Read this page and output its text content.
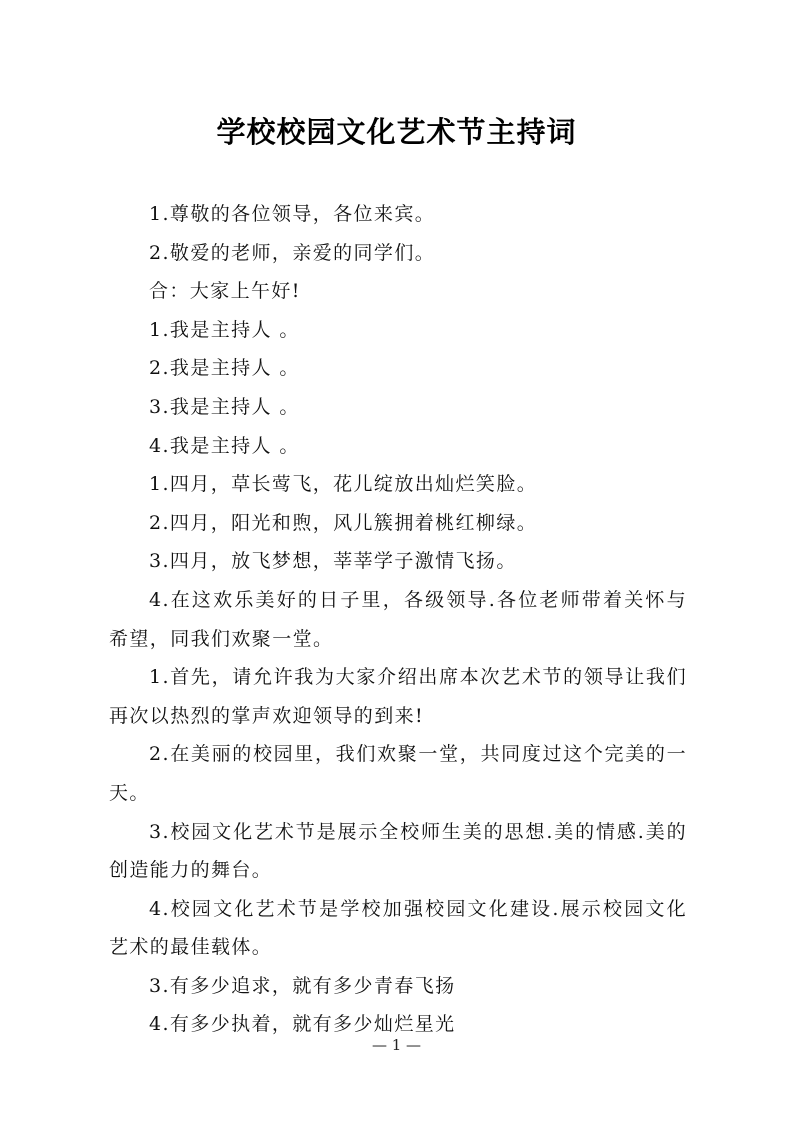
学校校园文化艺术节主持词

1.尊敬的各位领导，各位来宾。

2.敬爱的老师，亲爱的同学们。

合：大家上午好!

1.我是主持人 。

2.我是主持人 。

3.我是主持人 。

4.我是主持人 。

1.四月，草长莺飞，花儿绽放出灿烂笑脸。

2.四月，阳光和煦，风儿簇拥着桃红柳绿。

3.四月，放飞梦想，莘莘学子激情飞扬。

4.在这欢乐美好的日子里，各级领导.各位老师带着关怀与希望，同我们欢聚一堂。

1.首先，请允许我为大家介绍出席本次艺术节的领导让我们再次以热烈的掌声欢迎领导的到来!

2.在美丽的校园里，我们欢聚一堂，共同度过这个完美的一天。

3.校园文化艺术节是展示全校师生美的思想.美的情感.美的创造能力的舞台。

4.校园文化艺术节是学校加强校园文化建设.展示校园文化艺术的最佳载体。

3.有多少追求，就有多少青春飞扬

4.有多少执着，就有多少灿烂星光

— 1 —
